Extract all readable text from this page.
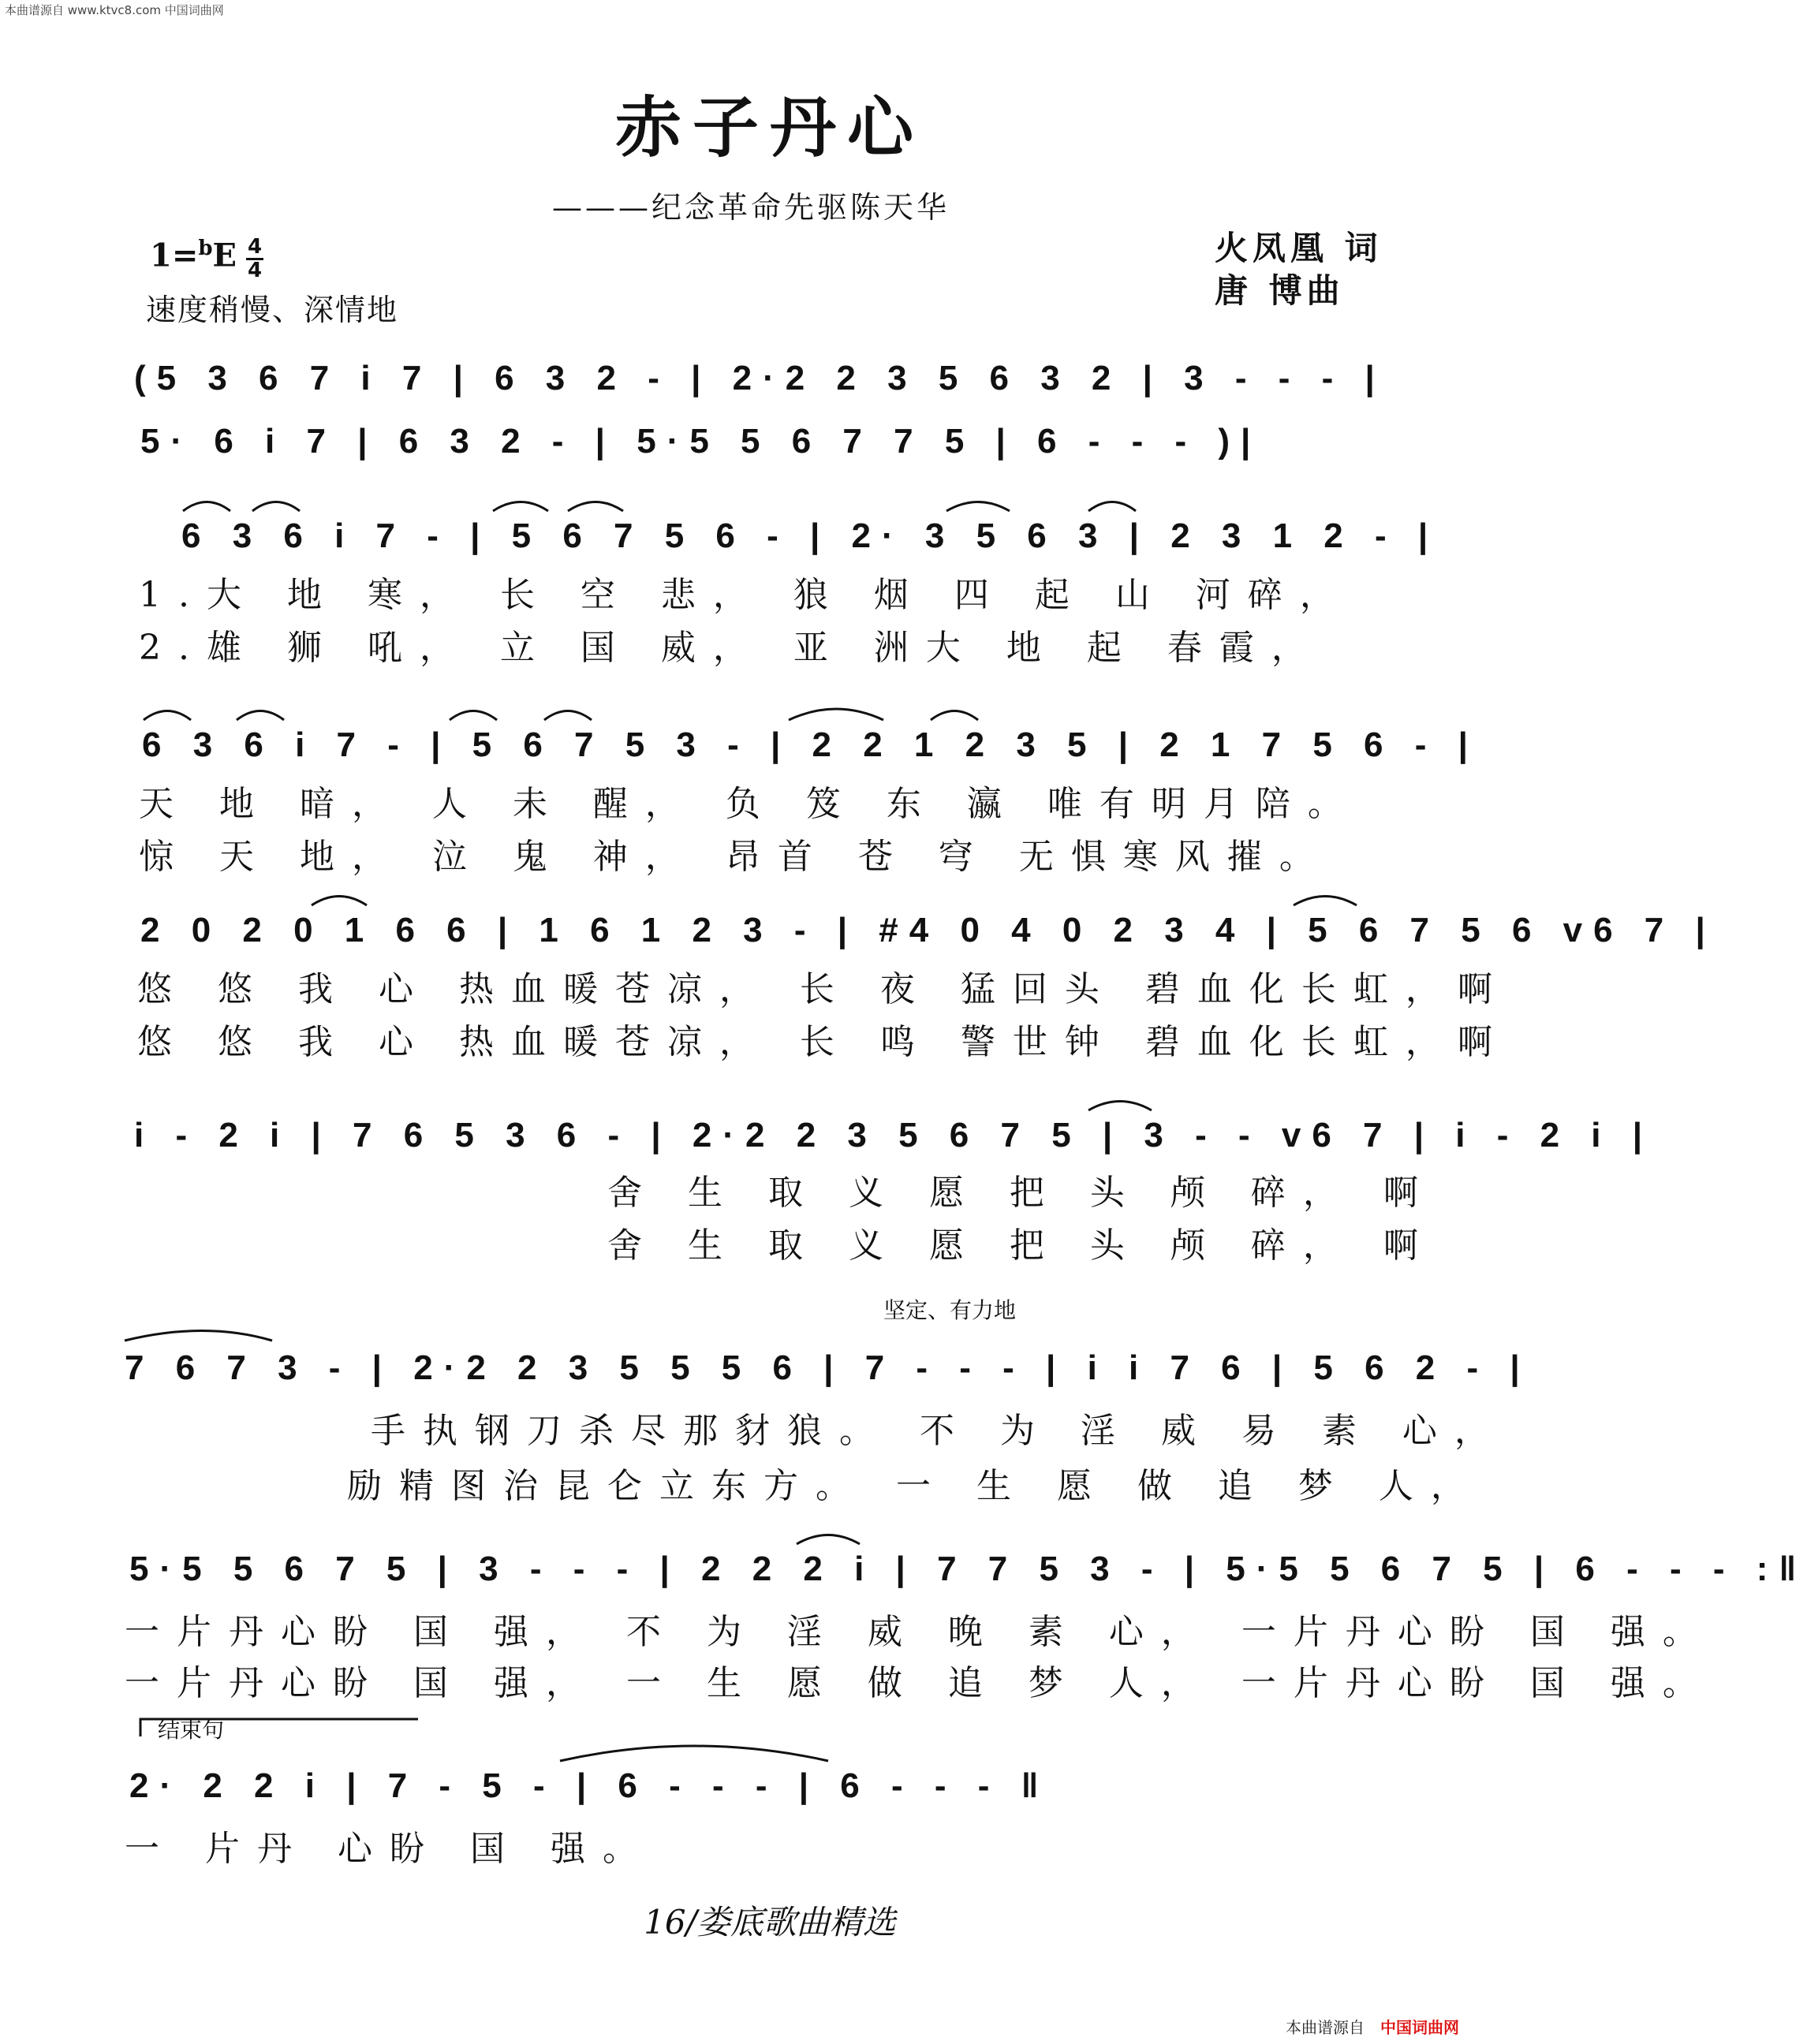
本曲谱源自 www.ktvc8.com 中国词曲网
赤子丹心
———纪念革命先驱陈天华
火凤凰 词
唐 博曲
1=$^b$E 4
4
速度稍慢、深情地
(5 3 6 7 i 7 | 6 3 2 - | 2·2 2 3 5 6 3 2 | 3 - - - |
5· 6 i 7 | 6 3 2 - | 5·5 5 6 7 7 5 | 6 - - - )|
6 3 6 i 7 - | 5 6 7 5 6 - | 2· 3 5 6 3 | 2 3 1 2 - |
1.大 地 寒， 长 空 悲， 狼 烟 四 起 山 河碎，
2.雄 狮 吼， 立 国 威， 亚 洲大 地 起 春霞，
6 3 6 i 7 - | 5 6 7 5 3 - | 2 2 1 2 3 5 | 2 1 7 5 6 - |
天 地 暗， 人 未 醒， 负 笈 东 瀛 唯有明月陪。
惊 天 地， 泣 鬼 神， 昂首 苍 穹 无惧寒风摧。
2 0 2 0 1 6 6 | 1 6 1 2 3 - | #4 0 4 0 2 3 4 | 5 6 7 5 6 v6 7 |
悠 悠 我 心 热血暖苍凉， 长 夜 猛回头 碧血化长虹，啊
悠 悠 我 心 热血暖苍凉， 长 鸣 警世钟 碧血化长虹，啊
i - 2 i | 7 6 5 3 6 - | 2·2 2 3 5 6 7 5 | 3 - - v6 7 | i - 2 i |
舍 生 取 义 愿 把 头 颅 碎， 啊
舍 生 取 义 愿 把 头 颅 碎， 啊
坚定、有力地
7 6 7 3 - | 2·2 2 3 5 5 5 6 | 7 - - - | i i 7 6 | 5 6 2 - |
手执钢刀杀尽那豺狼。 不 为 淫 威 易 素 心，
励精图治昆仑立东方。 一 生 愿 做 追 梦 人，
5·5 5 6 7 5 | 3 - - - | 2 2 2 i | 7 7 5 3 - | 5·5 5 6 7 5 | 6 - - - :‖
一片丹心盼 国 强， 不 为 淫 威 晚 素 心， 一片丹心盼 国 强。
一片丹心盼 国 强， 一 生 愿 做 追 梦 人， 一片丹心盼 国 强。
结束句
2· 2 2 i | 7 - 5 - | 6 - - - | 6 - - - ‖
一 片丹 心盼 国 强。
16/娄底歌曲精选
本曲谱源自 中国词曲网
